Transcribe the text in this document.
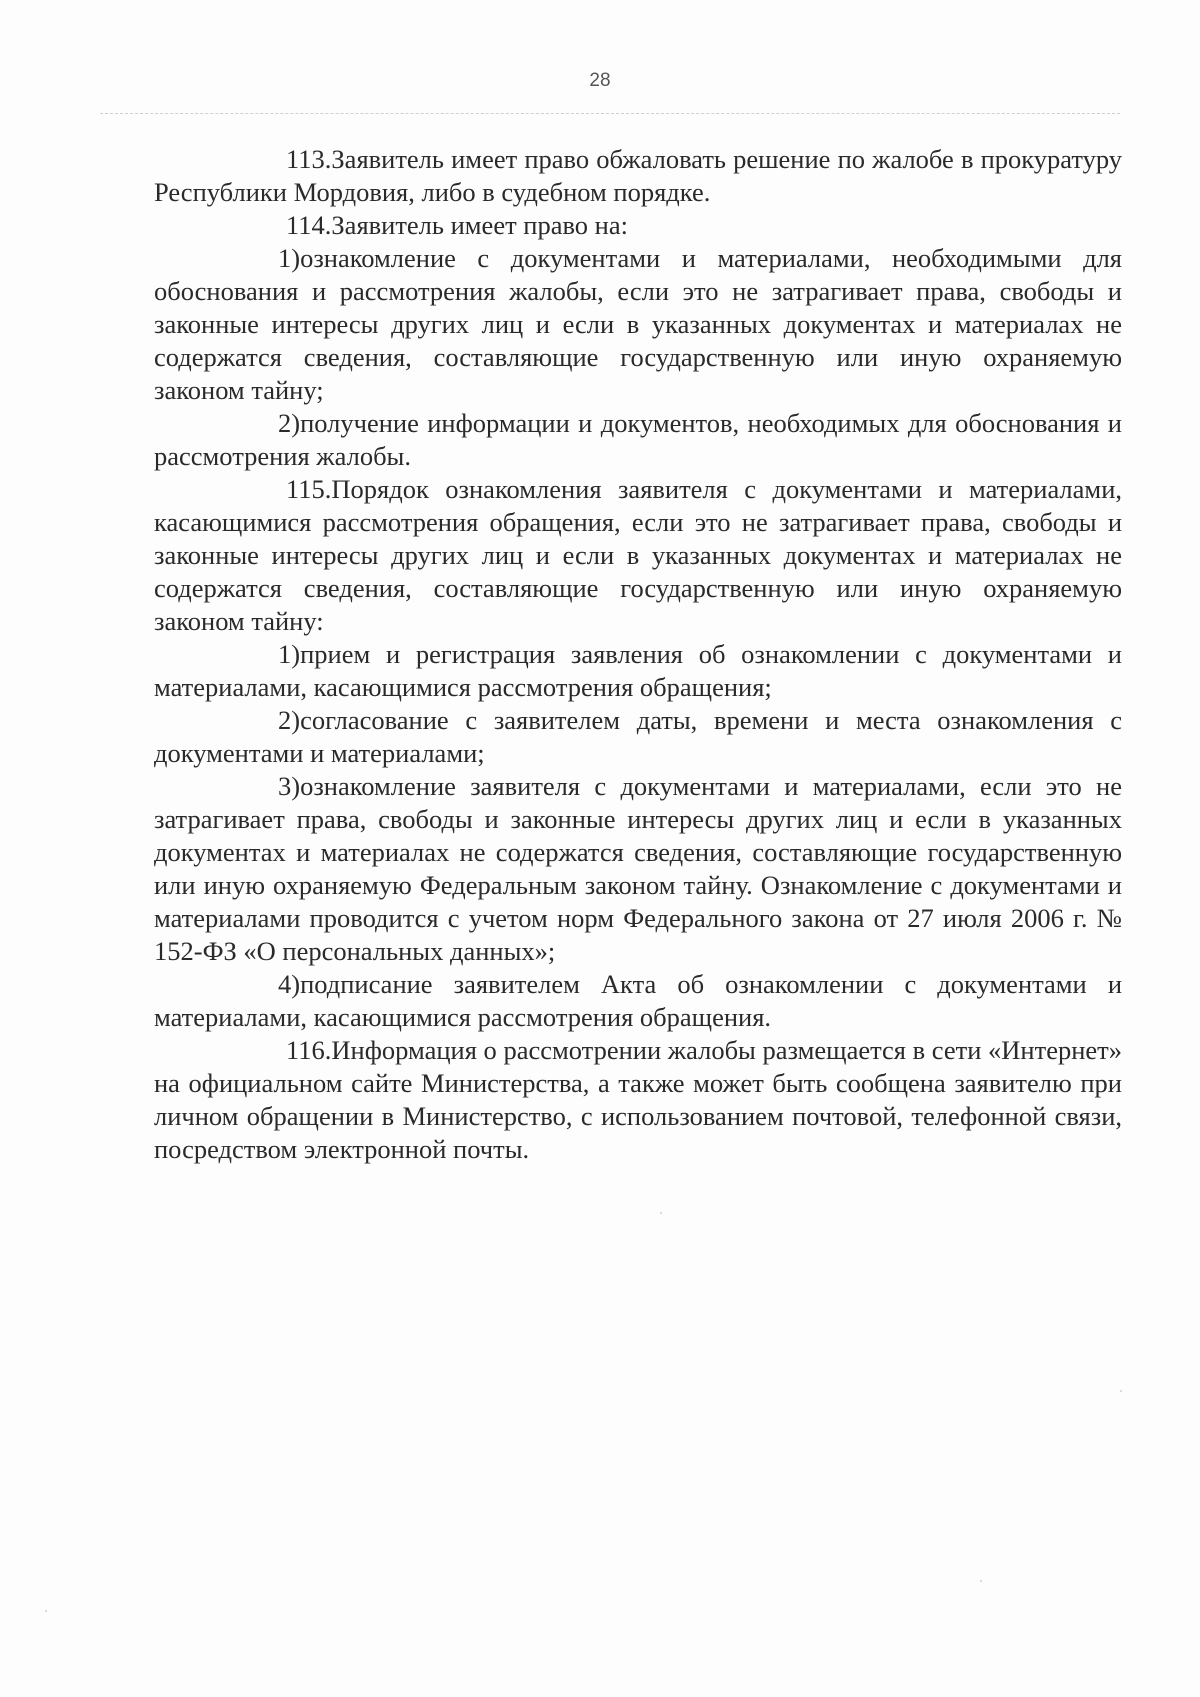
28

113.Заявитель имеет право обжаловать решение по жалобе в прокуратуру Республики Мордовия, либо в судебном порядке.

114.Заявитель имеет право на:

1)ознакомление с документами и материалами, необходимыми для обоснования и рассмотрения жалобы, если это не затрагивает права, свободы и законные интересы других лиц и если в указанных документах и материалах не содержатся сведения, составляющие государственную или иную охраняемую законом тайну;

2)получение информации и документов, необходимых для обоснования и рассмотрения жалобы.

115.Порядок ознакомления заявителя с документами и материалами, касающимися рассмотрения обращения, если это не затрагивает права, свободы и законные интересы других лиц и если в указанных документах и материалах не содержатся сведения, составляющие государственную или иную охраняемую законом тайну:

1)прием и регистрация заявления об ознакомлении с документами и материалами, касающимися рассмотрения обращения;

2)согласование с заявителем даты, времени и места ознакомления с документами и материалами;

3)ознакомление заявителя с документами и материалами, если это не затрагивает права, свободы и законные интересы других лиц и если в указанных документах и материалах не содержатся сведения, составляющие государственную или иную охраняемую Федеральным законом тайну. Ознакомление с документами и материалами проводится с учетом норм Федерального закона от 27 июля 2006 г. № 152-ФЗ «О персональных данных»;

4)подписание заявителем Акта об ознакомлении с документами и материалами, касающимися рассмотрения обращения.

116.Информация о рассмотрении жалобы размещается в сети «Интернет» на официальном сайте Министерства, а также может быть сообщена заявителю при личном обращении в Министерство, с использованием почтовой, телефонной связи, посредством электронной почты.
